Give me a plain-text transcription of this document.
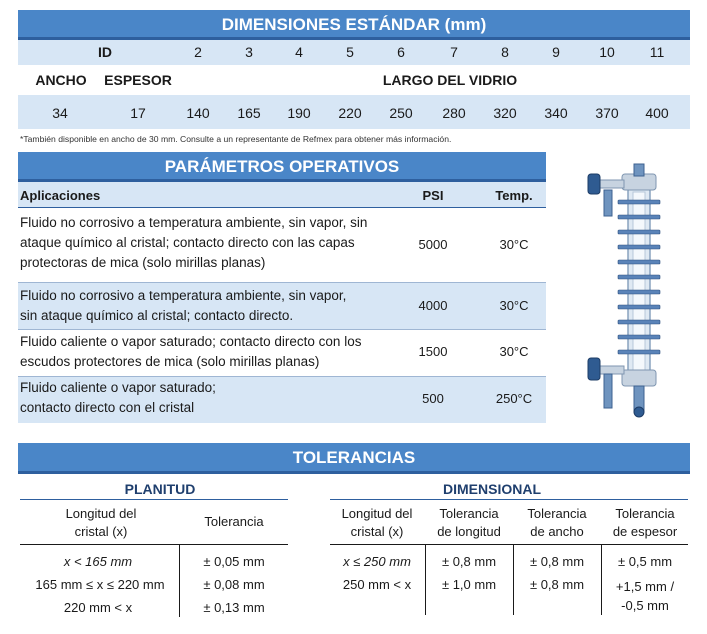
DIMENSIONES ESTÁNDAR (mm)
ID	2	3	4	5	6	7	8	9	10	11
ANCHO	ESPESOR	LARGO DEL VIDRIO
34	17	140	165	190	220	250	280	320	340	370	400
*También disponible en ancho de 30 mm. Consulte a un representante de Refmex para obtener más información.
PARÁMETROS OPERATIVOS
Aplicaciones	PSI	Temp.
Fluido no corrosivo a temperatura ambiente, sin vapor, sin
ataque químico al cristal; contacto directo con las capas
protectoras de mica (solo mirillas planas)
5000	30°C
Fluido no corrosivo a temperatura ambiente, sin vapor,
sin ataque químico al cristal; contacto directo.
4000	30°C
Fluido caliente o vapor saturado; contacto directo con los
escudos protectores de mica (solo mirillas planas)
1500	30°C
Fluido caliente o vapor saturado;
contacto directo con el cristal
500	250°C
TOLERANCIAS
PLANITUD
Longitud del
cristal (x)
Tolerancia
x < 165 mm	± 0,05 mm
165 mm ≤ x ≤ 220 mm	± 0,08 mm
220 mm < x	± 0,13 mm
DIMENSIONAL
Longitud del
cristal (x)
Tolerancia
de longitud
Tolerancia
de ancho
Tolerancia
de espesor
x ≤ 250 mm	± 0,8 mm	± 0,8 mm	± 0,5 mm
250 mm < x	± 1,0 mm	± 0,8 mm	+1,5 mm /
-0,5 mm
